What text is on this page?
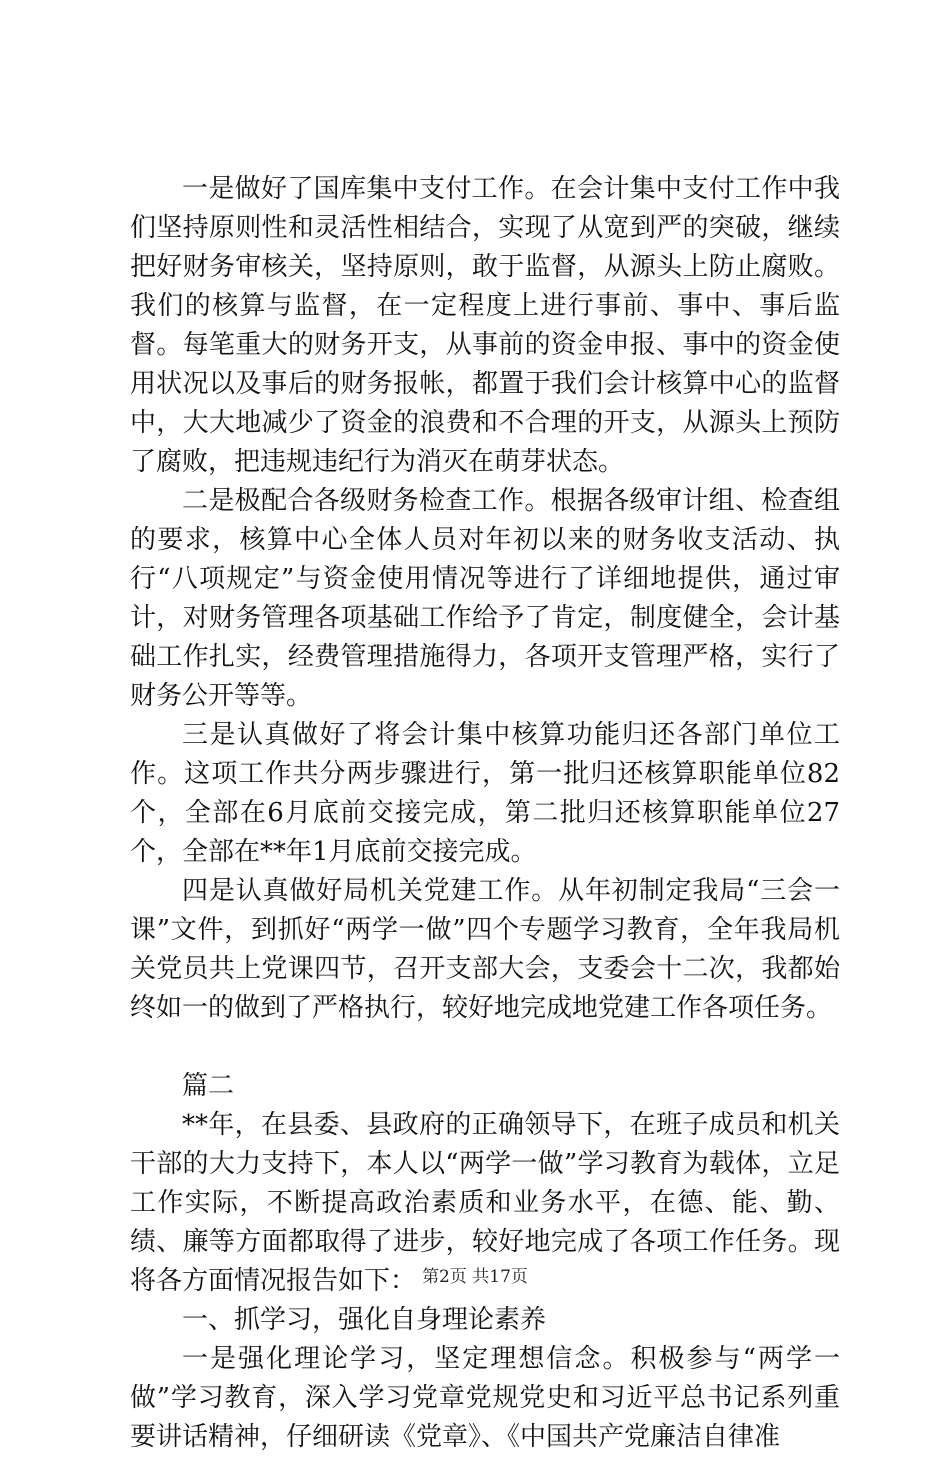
一是做好了国库集中支付工作。在会计集中支付工作中我们坚持原则性和灵活性相结合，实现了从宽到严的突破，继续把好财务审核关，坚持原则，敢于监督，从源头上防止腐败。我们的核算与监督，在一定程度上进行事前、事中、事后监督。每笔重大的财务开支，从事前的资金申报、事中的资金使用状况以及事后的财务报帐，都置于我们会计核算中心的监督中，大大地减少了资金的浪费和不合理的开支，从源头上预防了腐败，把违规违纪行为消灭在萌芽状态。

二是极配合各级财务检查工作。根据各级审计组、检查组的要求，核算中心全体人员对年初以来的财务收支活动、执行“八项规定”与资金使用情况等进行了详细地提供，通过审计，对财务管理各项基础工作给予了肯定，制度健全，会计基础工作扎实，经费管理措施得力，各项开支管理严格，实行了财务公开等等。

三是认真做好了将会计集中核算功能归还各部门单位工作。这项工作共分两步骤进行，第一批归还核算职能单位82个，全部在6月底前交接完成，第二批归还核算职能单位27个，全部在**年1月底前交接完成。

四是认真做好局机关党建工作。从年初制定我局“三会一课”文件，到抓好“两学一做”四个专题学习教育，全年我局机关党员共上党课四节，召开支部大会，支委会十二次，我都始终如一的做到了严格执行，较好地完成地党建工作各项任务。

篇二

**年，在县委、县政府的正确领导下，在班子成员和机关干部的大力支持下，本人以“两学一做”学习教育为载体，立足工作实际，不断提高政治素质和业务水平，在德、能、勤、绩、廉等方面都取得了进步，较好地完成了各项工作任务。现将各方面情况报告如下：

一、抓学习，强化自身理论素养

一是强化理论学习，坚定理想信念。积极参与“两学一做”学习教育，深入学习党章党规党史和习近平总书记系列重要讲话精神，仔细研读《党章》、《中国共产党廉洁自律准

第2页 共17页
